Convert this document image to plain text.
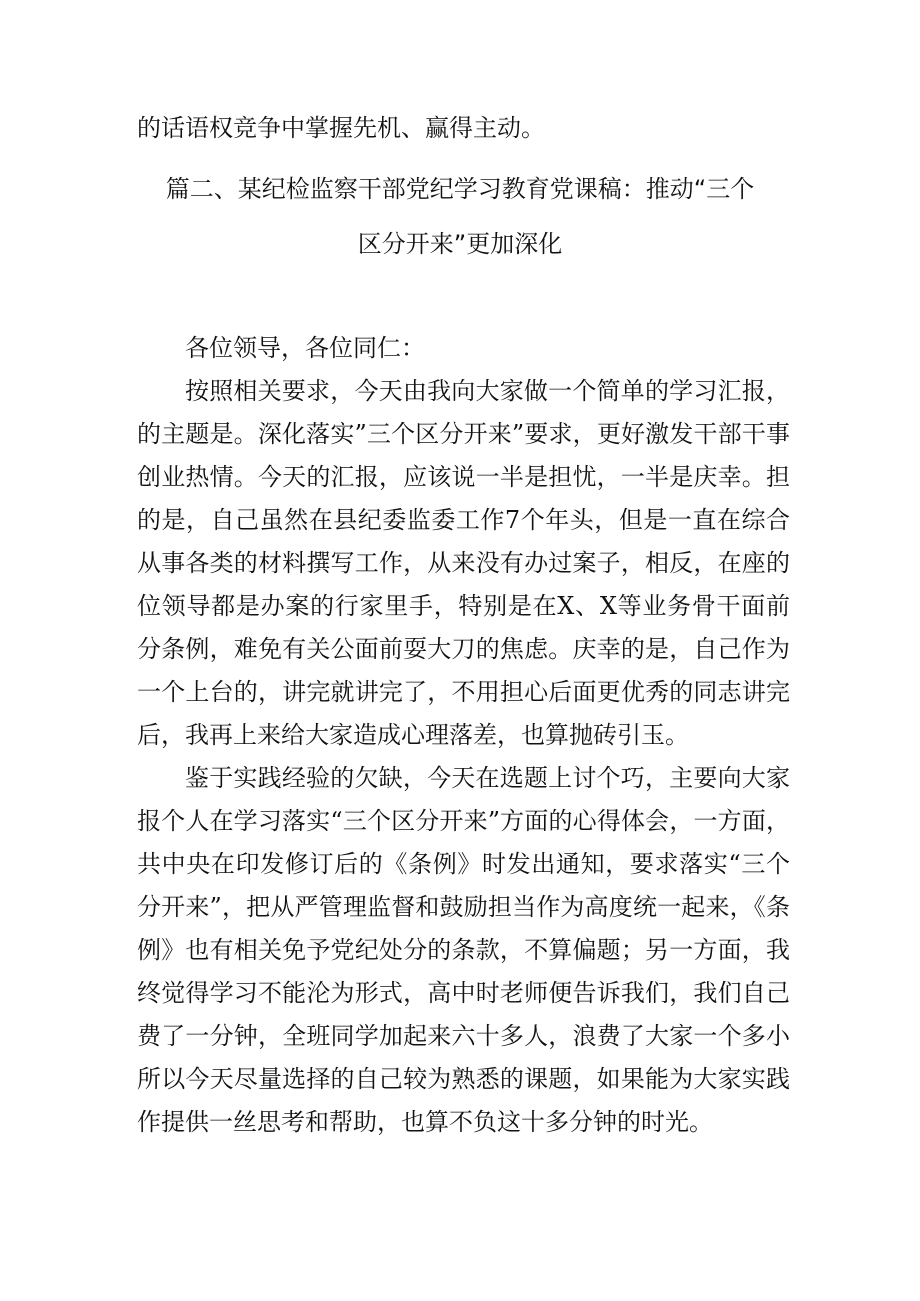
的话语权竞争中掌握先机、赢得主动。
篇二、某纪检监察干部党纪学习教育党课稿：推动“三个
区分开来”更加深化
各位领导，各位同仁：
按照相关要求，今天由我向大家做一个简单的学习汇报，
的主题是。深化落实”三个区分开来”要求，更好激发干部干事
创业热情。今天的汇报，应该说一半是担忧，一半是庆幸。担
的是，自己虽然在县纪委监委工作7个年头，但是一直在综合
从事各类的材料撰写工作，从来没有办过案子，相反，在座的
位领导都是办案的行家里手，特别是在X、X等业务骨干面前
分条例，难免有关公面前耍大刀的焦虑。庆幸的是，自己作为
一个上台的，讲完就讲完了，不用担心后面更优秀的同志讲完
后，我再上来给大家造成心理落差，也算抛砖引玉。
鉴于实践经验的欠缺，今天在选题上讨个巧，主要向大家
报个人在学习落实“三个区分开来”方面的心得体会，一方面，
共中央在印发修订后的《条例》时发出通知，要求落实“三个
分开来”，把从严管理监督和鼓励担当作为高度统一起来，《条
例》也有相关免予党纪处分的条款，不算偏题；另一方面，我
终觉得学习不能沦为形式，高中时老师便告诉我们，我们自己
费了一分钟，全班同学加起来六十多人，浪费了大家一个多小
所以今天尽量选择的自己较为熟悉的课题，如果能为大家实践
作提供一丝思考和帮助，也算不负这十多分钟的时光。
